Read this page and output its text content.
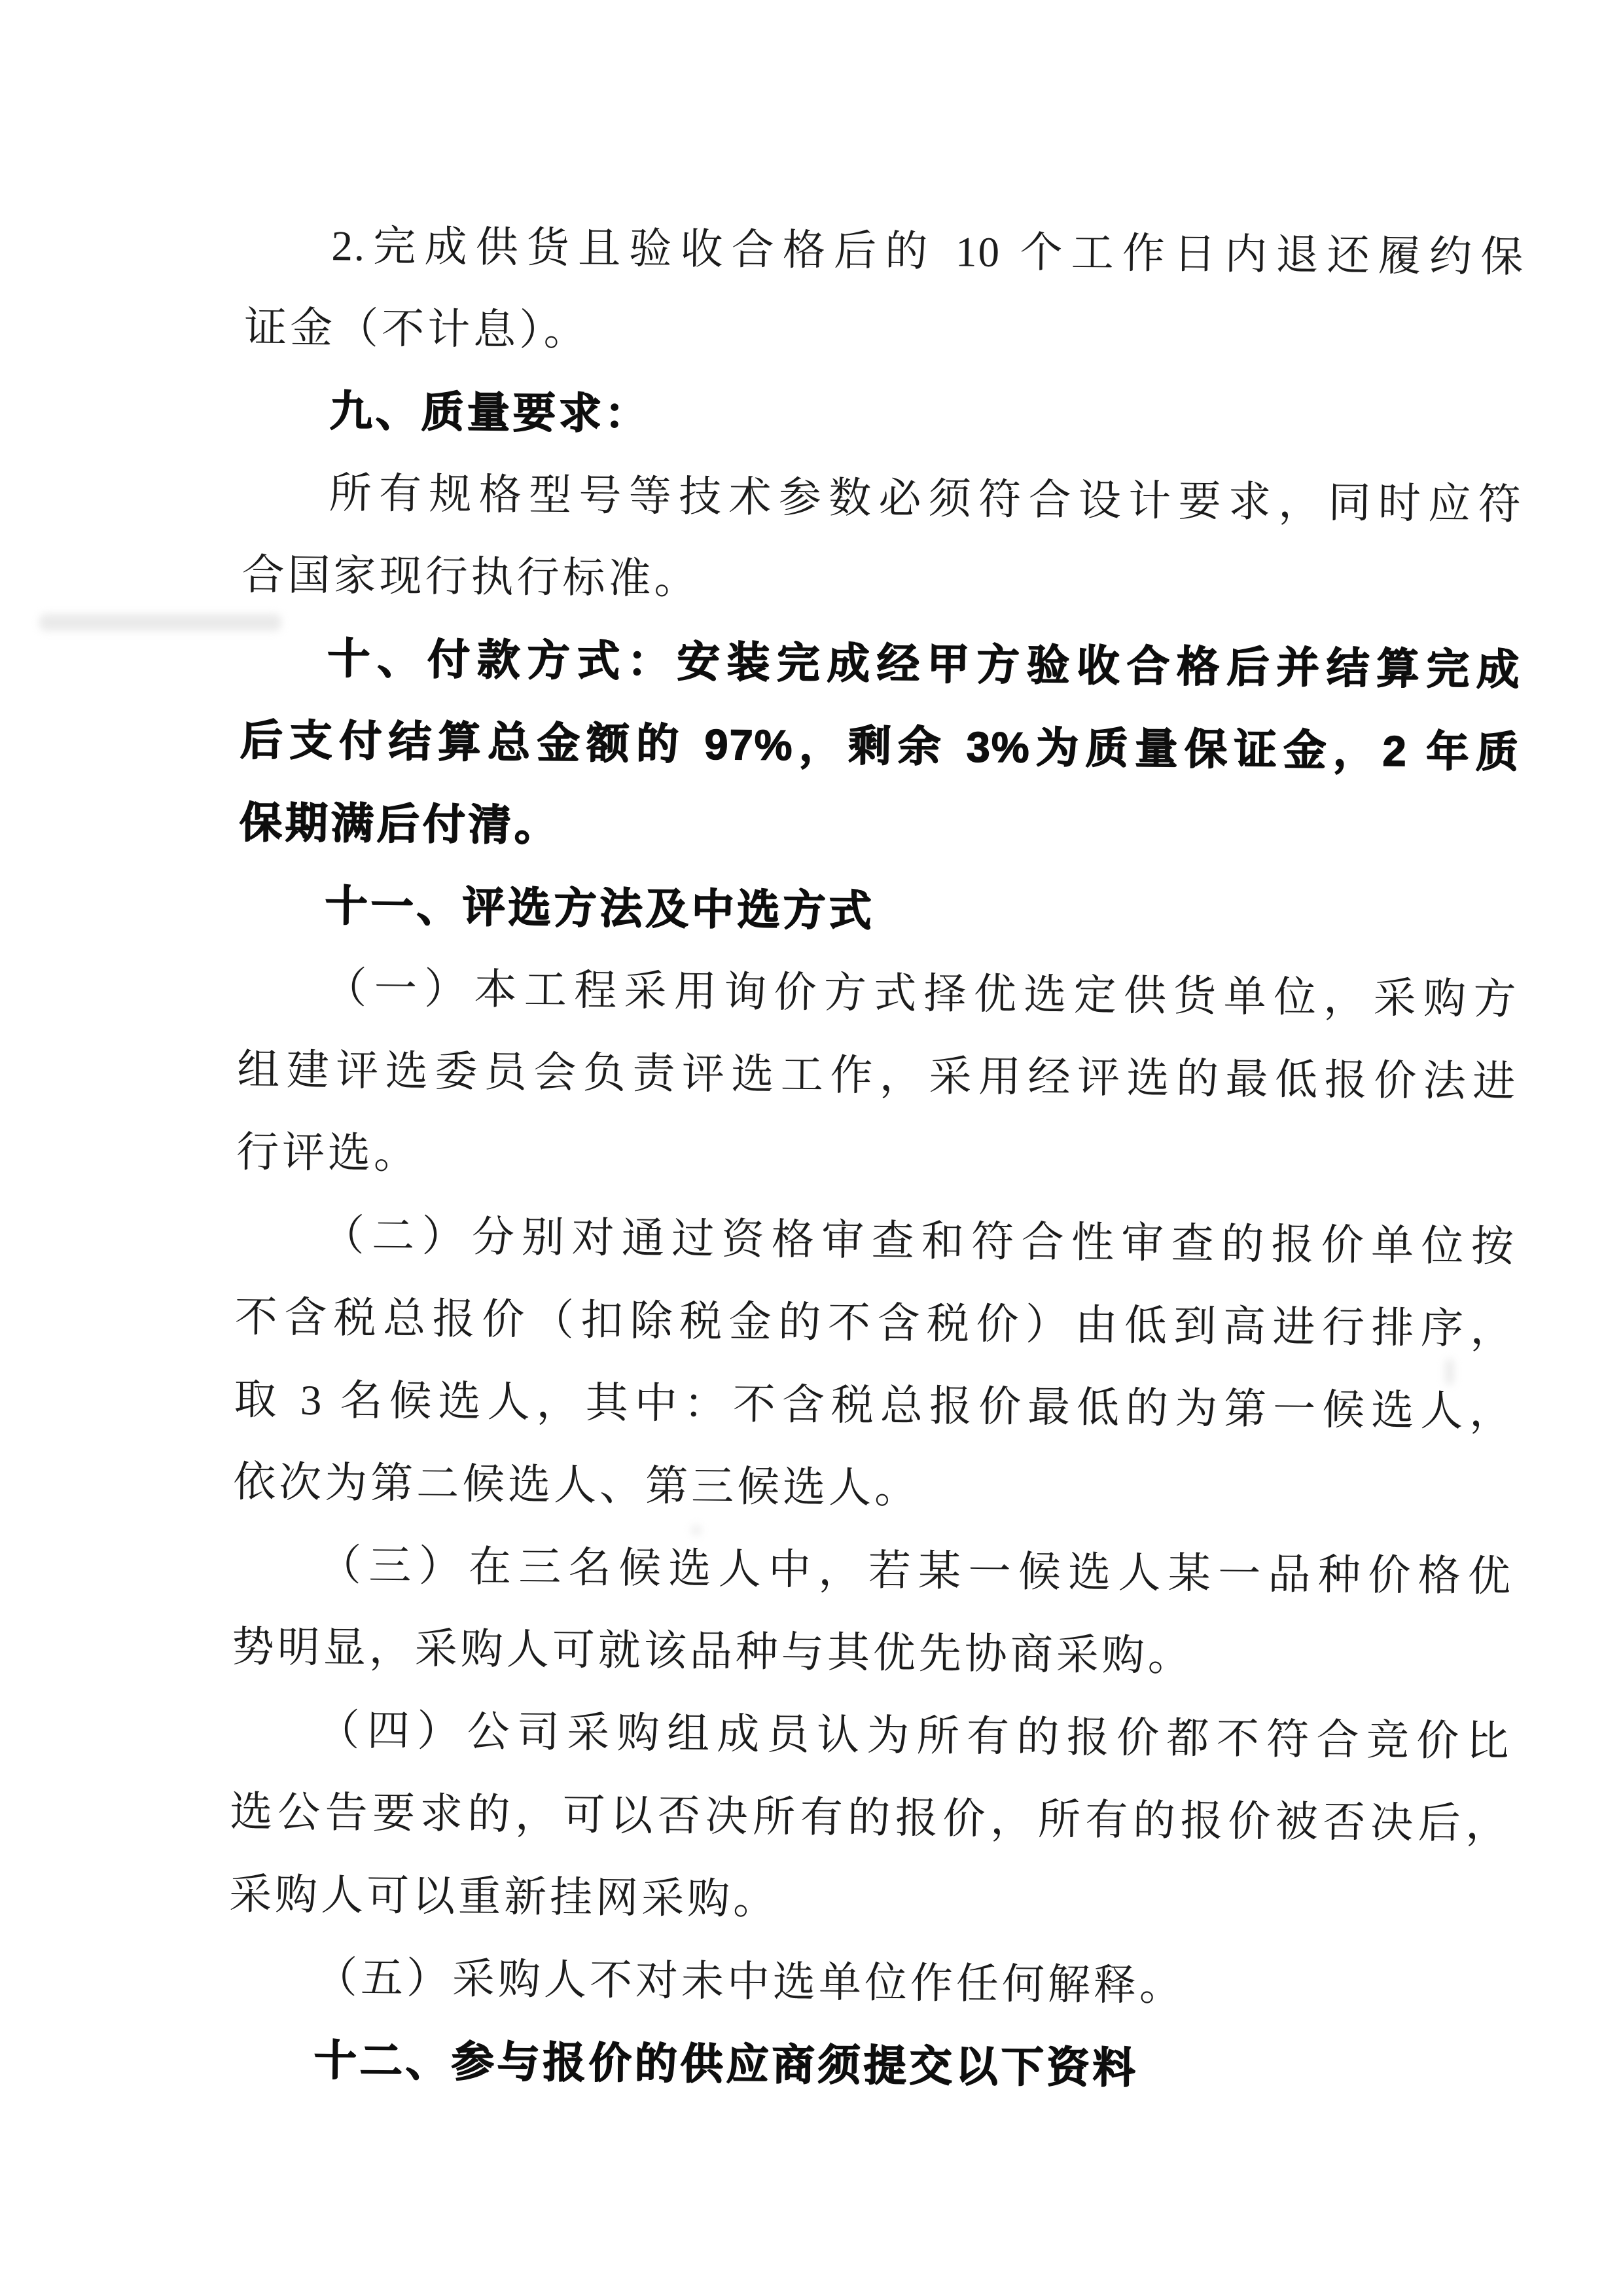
2.完成供货且验收合格后的 10 个工作日内退还履约保
证金（不计息）。
九、质量要求：
所有规格型号等技术参数必须符合设计要求，同时应符
合国家现行执行标准。
十、付款方式：安装完成经甲方验收合格后并结算完成
后支付结算总金额的 97%，剩余 3%为质量保证金，2 年质
保期满后付清。
十一、评选方法及中选方式
（一）本工程采用询价方式择优选定供货单位，采购方
组建评选委员会负责评选工作，采用经评选的最低报价法进
行评选。
（二）分别对通过资格审查和符合性审查的报价单位按
不含税总报价（扣除税金的不含税价）由低到高进行排序，
取 3 名候选人，其中：不含税总报价最低的为第一候选人，
依次为第二候选人、第三候选人。
（三）在三名候选人中，若某一候选人某一品种价格优
势明显，采购人可就该品种与其优先协商采购。
（四）公司采购组成员认为所有的报价都不符合竞价比
选公告要求的，可以否决所有的报价，所有的报价被否决后，
采购人可以重新挂网采购。
（五）采购人不对未中选单位作任何解释。
十二、参与报价的供应商须提交以下资料
